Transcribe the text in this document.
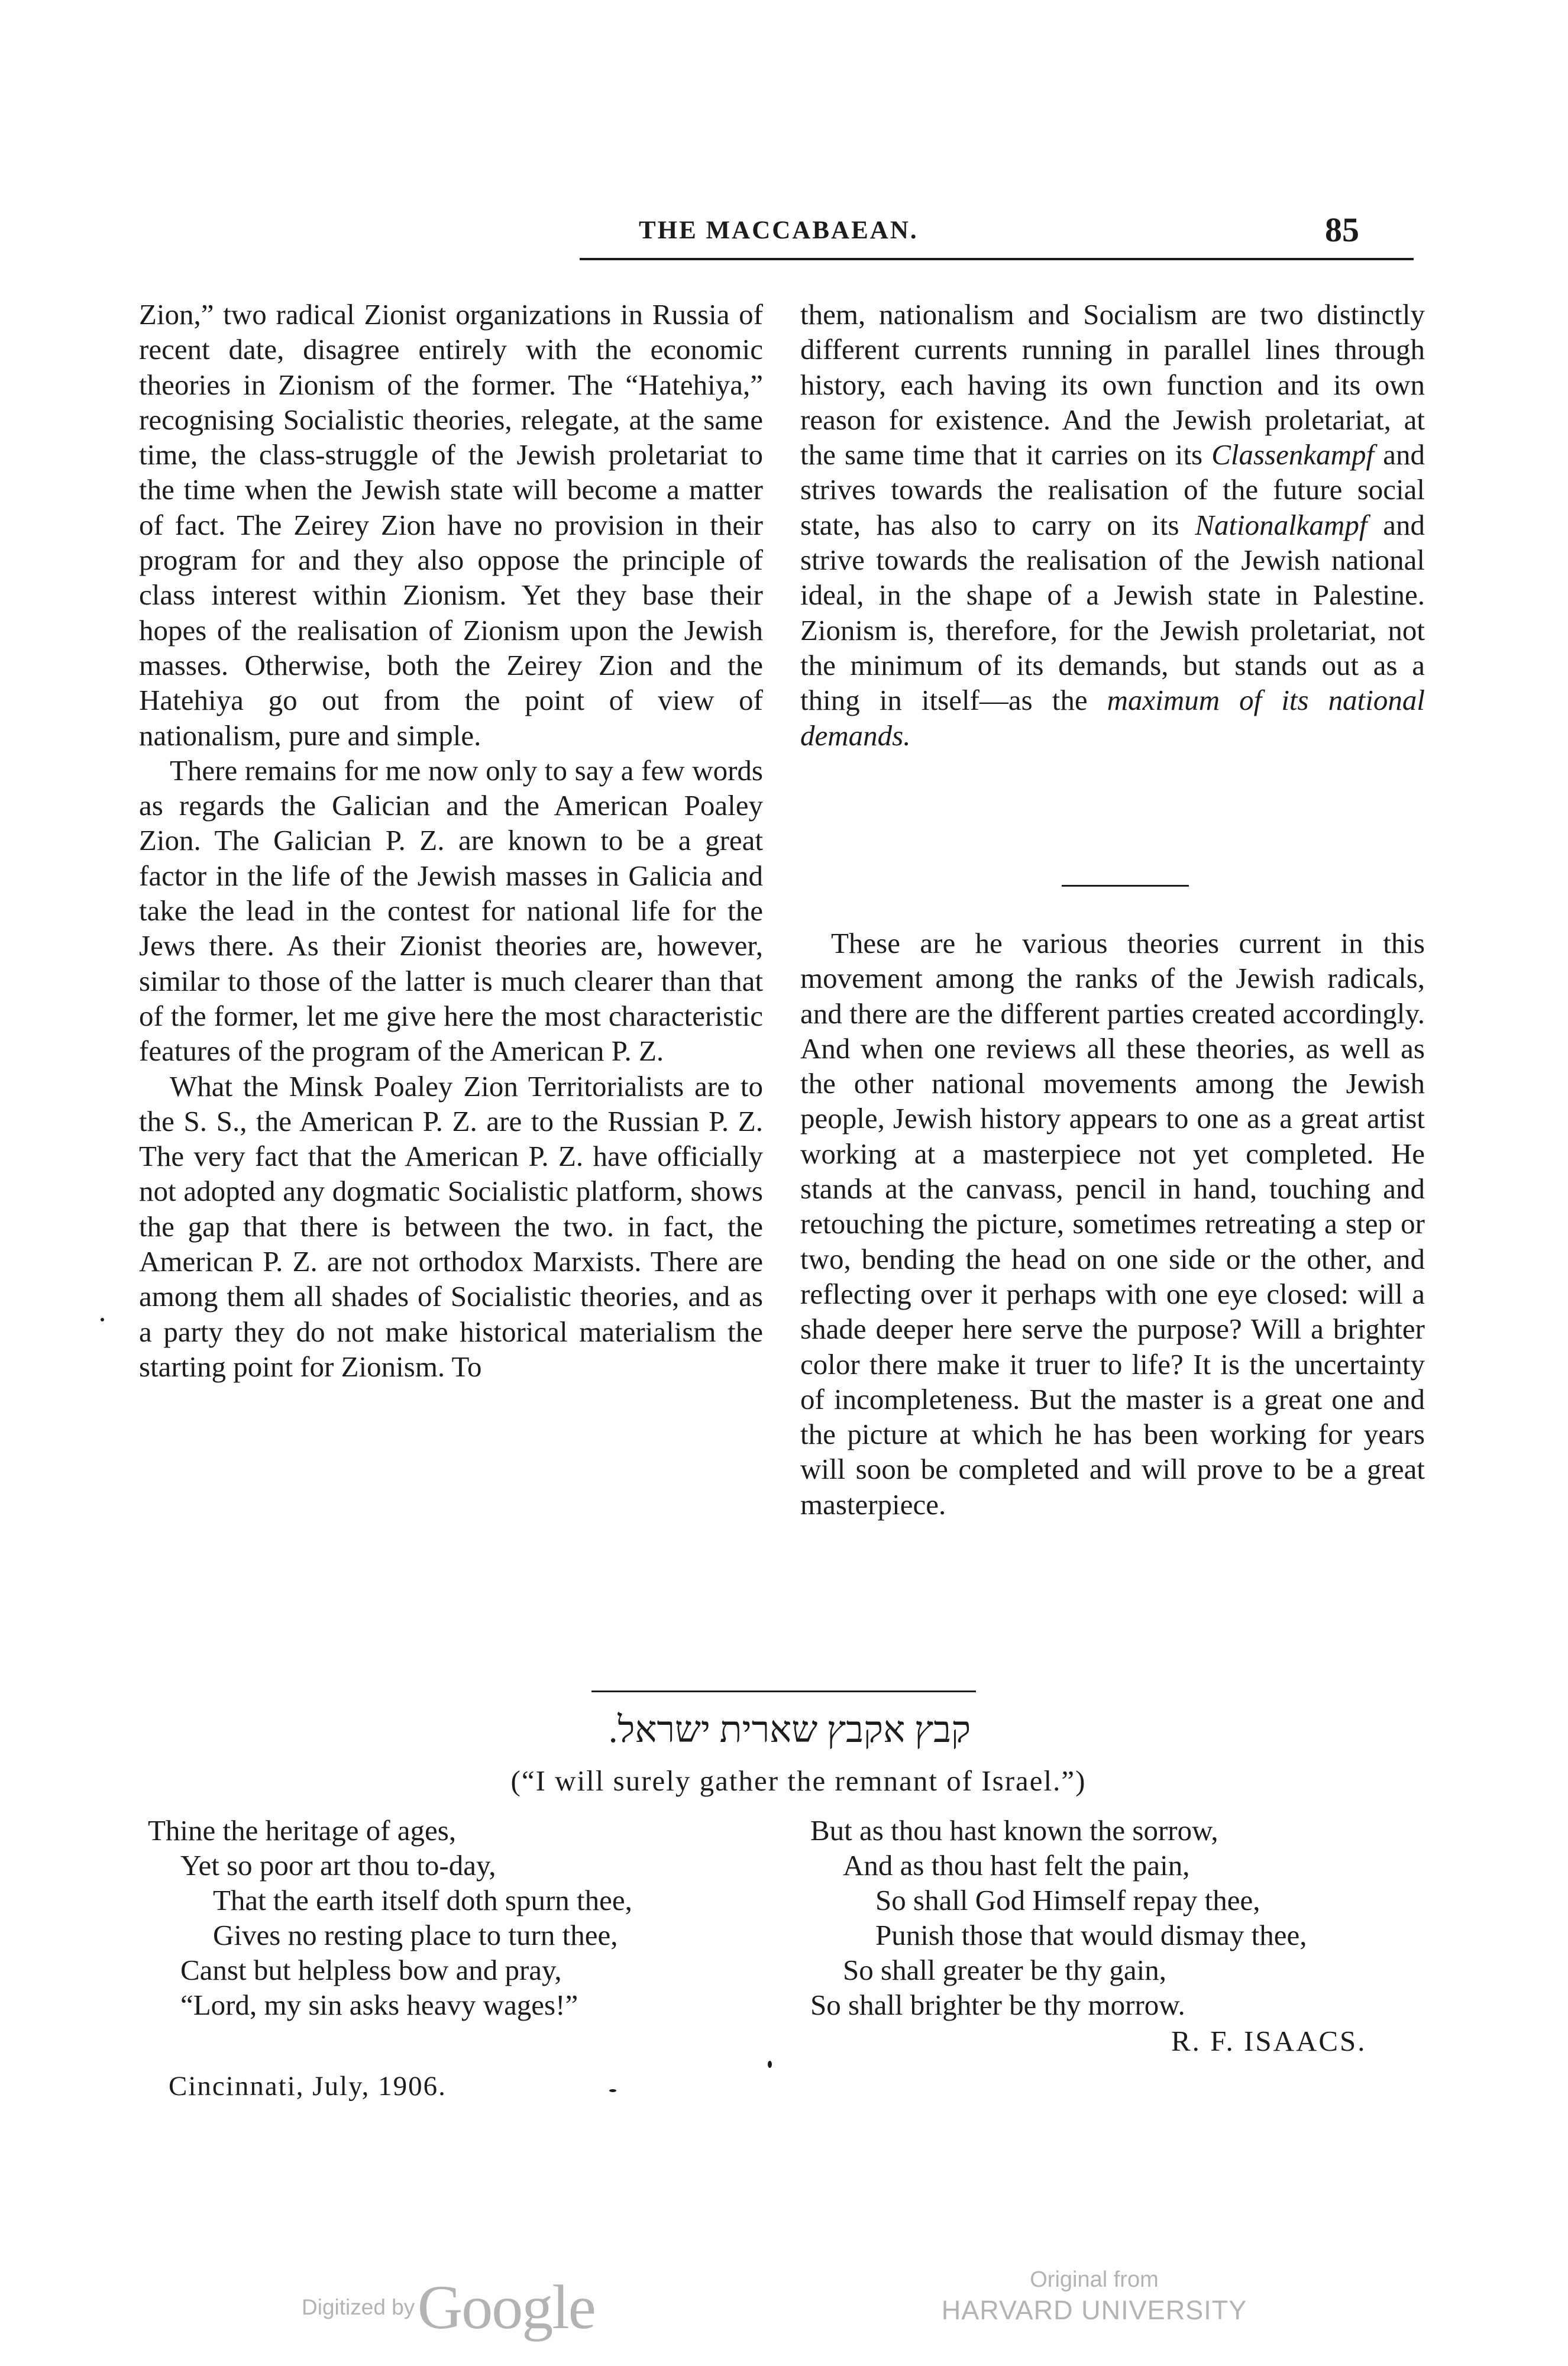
THE MACCABAEAN.	85

Zion,” two radical Zionist organizations in Russia of recent date, disagree entirely with the economic theories in Zionism of the former. The “Hatehiya,” recognising Socialistic theories, relegate, at the same time, the class-struggle of the Jewish proletariat to the time when the Jewish state will become a matter of fact. The Zeirey Zion have no provision in their program for and they also oppose the principle of class interest within Zionism. Yet they base their hopes of the realisation of Zionism upon the Jewish masses. Otherwise, both the Zeirey Zion and the Hatehiya go out from the point of view of nationalism, pure and simple.

There remains for me now only to say a few words as regards the Galician and the American Poaley Zion. The Galician P. Z. are known to be a great factor in the life of the Jewish masses in Galicia and take the lead in the contest for national life for the Jews there. As their Zionist theories are, however, similar to those of the latter is much clearer than that of the former, let me give here the most characteristic features of the program of the American P. Z.

What the Minsk Poaley Zion Territorialists are to the S. S., the American P. Z. are to the Russian P. Z. The very fact that the American P. Z. have officially not adopted any dogmatic Socialistic platform, shows the gap that there is between the two. in fact, the American P. Z. are not orthodox Marxists. There are among them all shades of Socialistic theories, and as a party they do not make historical materialism the starting point for Zionism. To

them, nationalism and Socialism are two distinctly different currents running in parallel lines through history, each having its own function and its own reason for existence. And the Jewish proletariat, at the same time that it carries on its Classenkampf and strives towards the realisation of the future social state, has also to carry on its Nationalkampf and strive towards the realisation of the Jewish national ideal, in the shape of a Jewish state in Palestine. Zionism is, therefore, for the Jewish proletariat, not the minimum of its demands, but stands out as a thing in itself—as the maximum of its national demands.

These are he various theories current in this movement among the ranks of the Jewish radicals, and there are the different parties created accordingly. And when one reviews all these theories, as well as the other national movements among the Jewish people, Jewish history appears to one as a great artist working at a masterpiece not yet completed. He stands at the canvass, pencil in hand, touching and retouching the picture, sometimes retreating a step or two, bending the head on one side or the other, and reflecting over it perhaps with one eye closed: will a shade deeper here serve the purpose? Will a brighter color there make it truer to life? It is the uncertainty of incompleteness. But the master is a great one and the picture at which he has been working for years will soon be completed and will prove to be a great masterpiece.

קבץ אקבץ שארית ישראל.
(“I will surely gather the remnant of Israel.”)
Thine the heritage of ages,
Yet so poor art thou to-day,
That the earth itself doth spurn thee,
Gives no resting place to turn thee,
Canst but helpless bow and pray,
“Lord, my sin asks heavy wages!”
But as thou hast known the sorrow,
And as thou hast felt the pain,
So shall God Himself repay thee,
Punish those that would dismay thee,
So shall greater be thy gain,
So shall brighter be thy morrow.
R. F. ISAACS.
Cincinnati, July, 1906.
Digitized by Google	Original from
HARVARD UNIVERSITY
